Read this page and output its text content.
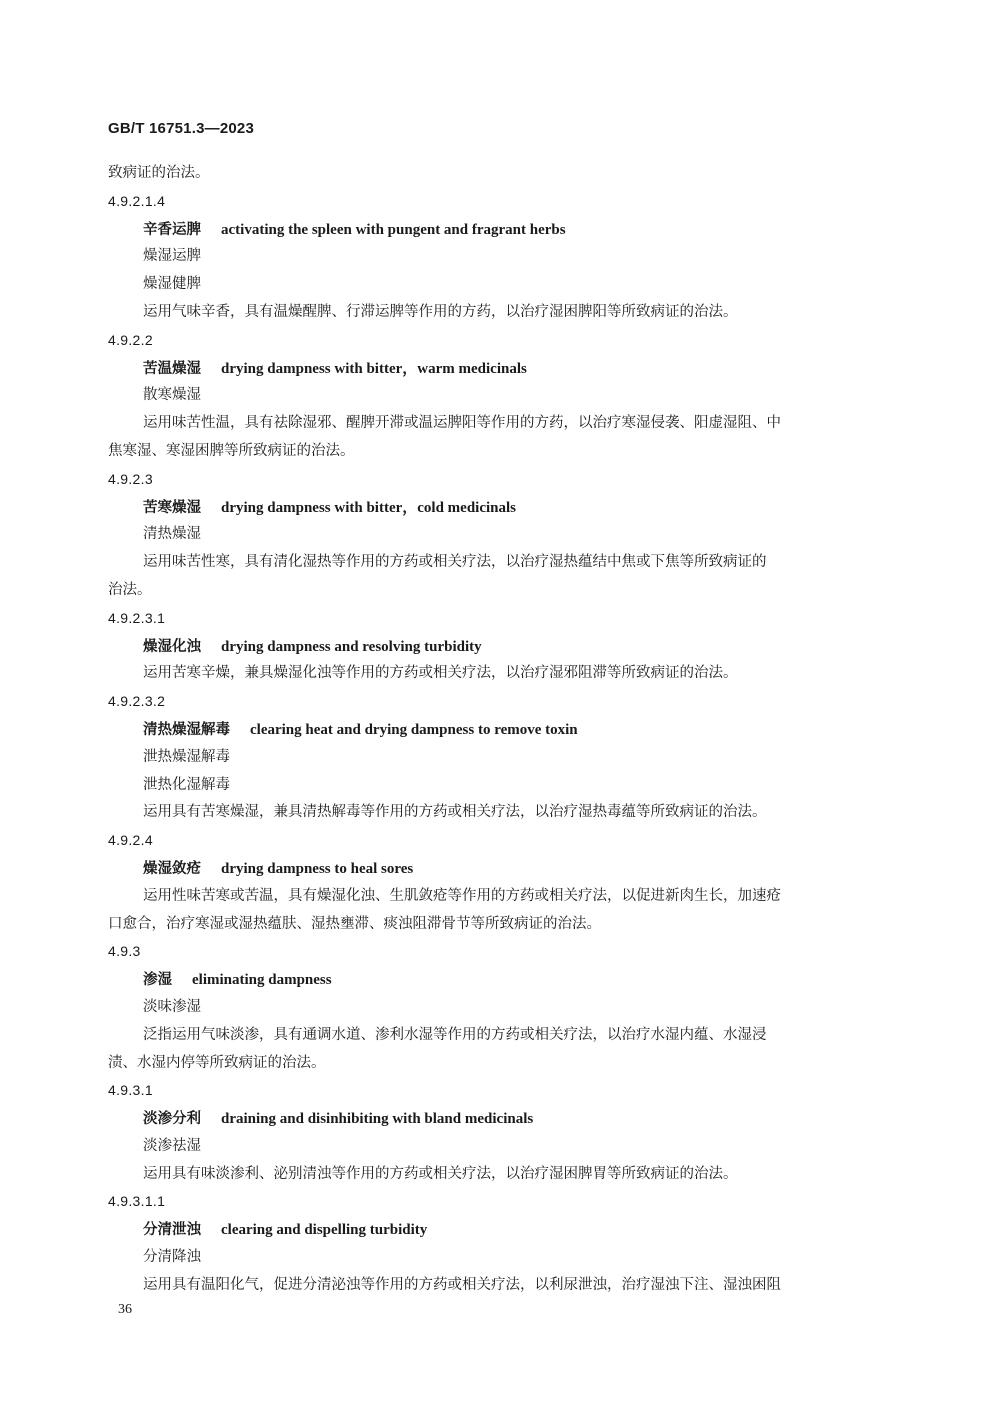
GB/T 16751.3—2023
致病证的治法。
4.9.2.1.4
辛香运脾 activating the spleen with pungent and fragrant herbs
燥湿运脾
燥湿健脾
运用气味辛香，具有温燥醒脾、行滞运脾等作用的方药，以治疗湿困脾阳等所致病证的治法。
4.9.2.2
苦温燥湿 drying dampness with bitter，warm medicinals
散寒燥湿
运用味苦性温，具有祛除湿邪、醒脾开滞或温运脾阳等作用的方药，以治疗寒湿侵袭、阳虚湿阻、中
焦寒湿、寒湿困脾等所致病证的治法。
4.9.2.3
苦寒燥湿 drying dampness with bitter，cold medicinals
清热燥湿
运用味苦性寒，具有清化湿热等作用的方药或相关疗法，以治疗湿热蕴结中焦或下焦等所致病证的
治法。
4.9.2.3.1
燥湿化浊 drying dampness and resolving turbidity
运用苦寒辛燥，兼具燥湿化浊等作用的方药或相关疗法，以治疗湿邪阻滞等所致病证的治法。
4.9.2.3.2
清热燥湿解毒 clearing heat and drying dampness to remove toxin
泄热燥湿解毒
泄热化湿解毒
运用具有苦寒燥湿，兼具清热解毒等作用的方药或相关疗法，以治疗湿热毒蕴等所致病证的治法。
4.9.2.4
燥湿敛疮 drying dampness to heal sores
运用性味苦寒或苦温，具有燥湿化浊、生肌敛疮等作用的方药或相关疗法，以促进新肉生长，加速疮
口愈合，治疗寒湿或湿热蕴肤、湿热壅滞、痰浊阻滞骨节等所致病证的治法。
4.9.3
渗湿 eliminating dampness
淡味渗湿
泛指运用气味淡渗，具有通调水道、渗利水湿等作用的方药或相关疗法，以治疗水湿内蕴、水湿浸
渍、水湿内停等所致病证的治法。
4.9.3.1
淡渗分利 draining and disinhibiting with bland medicinals
淡渗祛湿
运用具有味淡渗利、泌别清浊等作用的方药或相关疗法，以治疗湿困脾胃等所致病证的治法。
4.9.3.1.1
分清泄浊 clearing and dispelling turbidity
分清降浊
运用具有温阳化气，促进分清泌浊等作用的方药或相关疗法，以利尿泄浊，治疗湿浊下注、湿浊困阻
36
